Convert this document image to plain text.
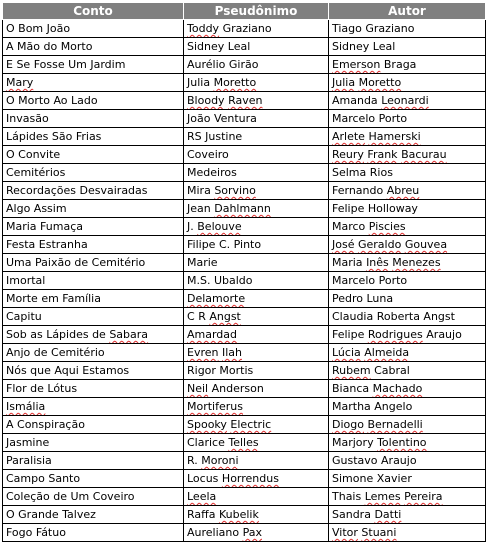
Conto	Pseudônimo	Autor
O Bom João	Toddy Graziano	Tiago Graziano
A Mão do Morto	Sidney Leal	Sidney Leal
E Se Fosse Um Jardim	Aurélio Girão	Emerson Braga
Mary	Julia Moretto	Julia Moretto
O Morto Ao Lado	Bloody Raven	Amanda Leonardi
Invasão	João Ventura	Marcelo Porto
Lápides São Frias	RS Justine	Arlete Hamerski
O Convite	Coveiro	Reury Frank Bacurau
Cemitérios	Medeiros	Selma Rios
Recordações Desvairadas	Mira Sorvino	Fernando Abreu
Algo Assim	Jean Dahlmann	Felipe Holloway
Maria Fumaça	J. Belouve	Marco Piscies
Festa Estranha	Filipe C. Pinto	José Geraldo Gouvea
Uma Paixão de Cemitério	Marie	Maria Inês Menezes
Imortal	M.S. Ubaldo	Marcelo Porto
Morte em Família	Delamorte	Pedro Luna
Capitu	C R Angst	Claudia Roberta Angst
Sob as Lápides de Sabara	Amardad	Felipe Rodrigues Araujo
Anjo de Cemitério	Evren Ilah	Lúcia Almeida
Nós que Aqui Estamos	Rigor Mortis	Rubem Cabral
Flor de Lótus	Neil Anderson	Bianca Machado
Ismália	Mortiferus	Martha Angelo
A Conspiração	Spooky Electric	Diogo Bernadelli
Jasmine	Clarice Telles	Marjory Tolentino
Paralisia	R. Moroni	Gustavo Araujo
Campo Santo	Locus Horrendus	Simone Xavier
Coleção de Um Coveiro	Leela	Thais Lemes Pereira
O Grande Talvez	Raffa Kubelik	Sandra Datti
Fogo Fátuo	Aureliano Pax	Vitor Stuani
